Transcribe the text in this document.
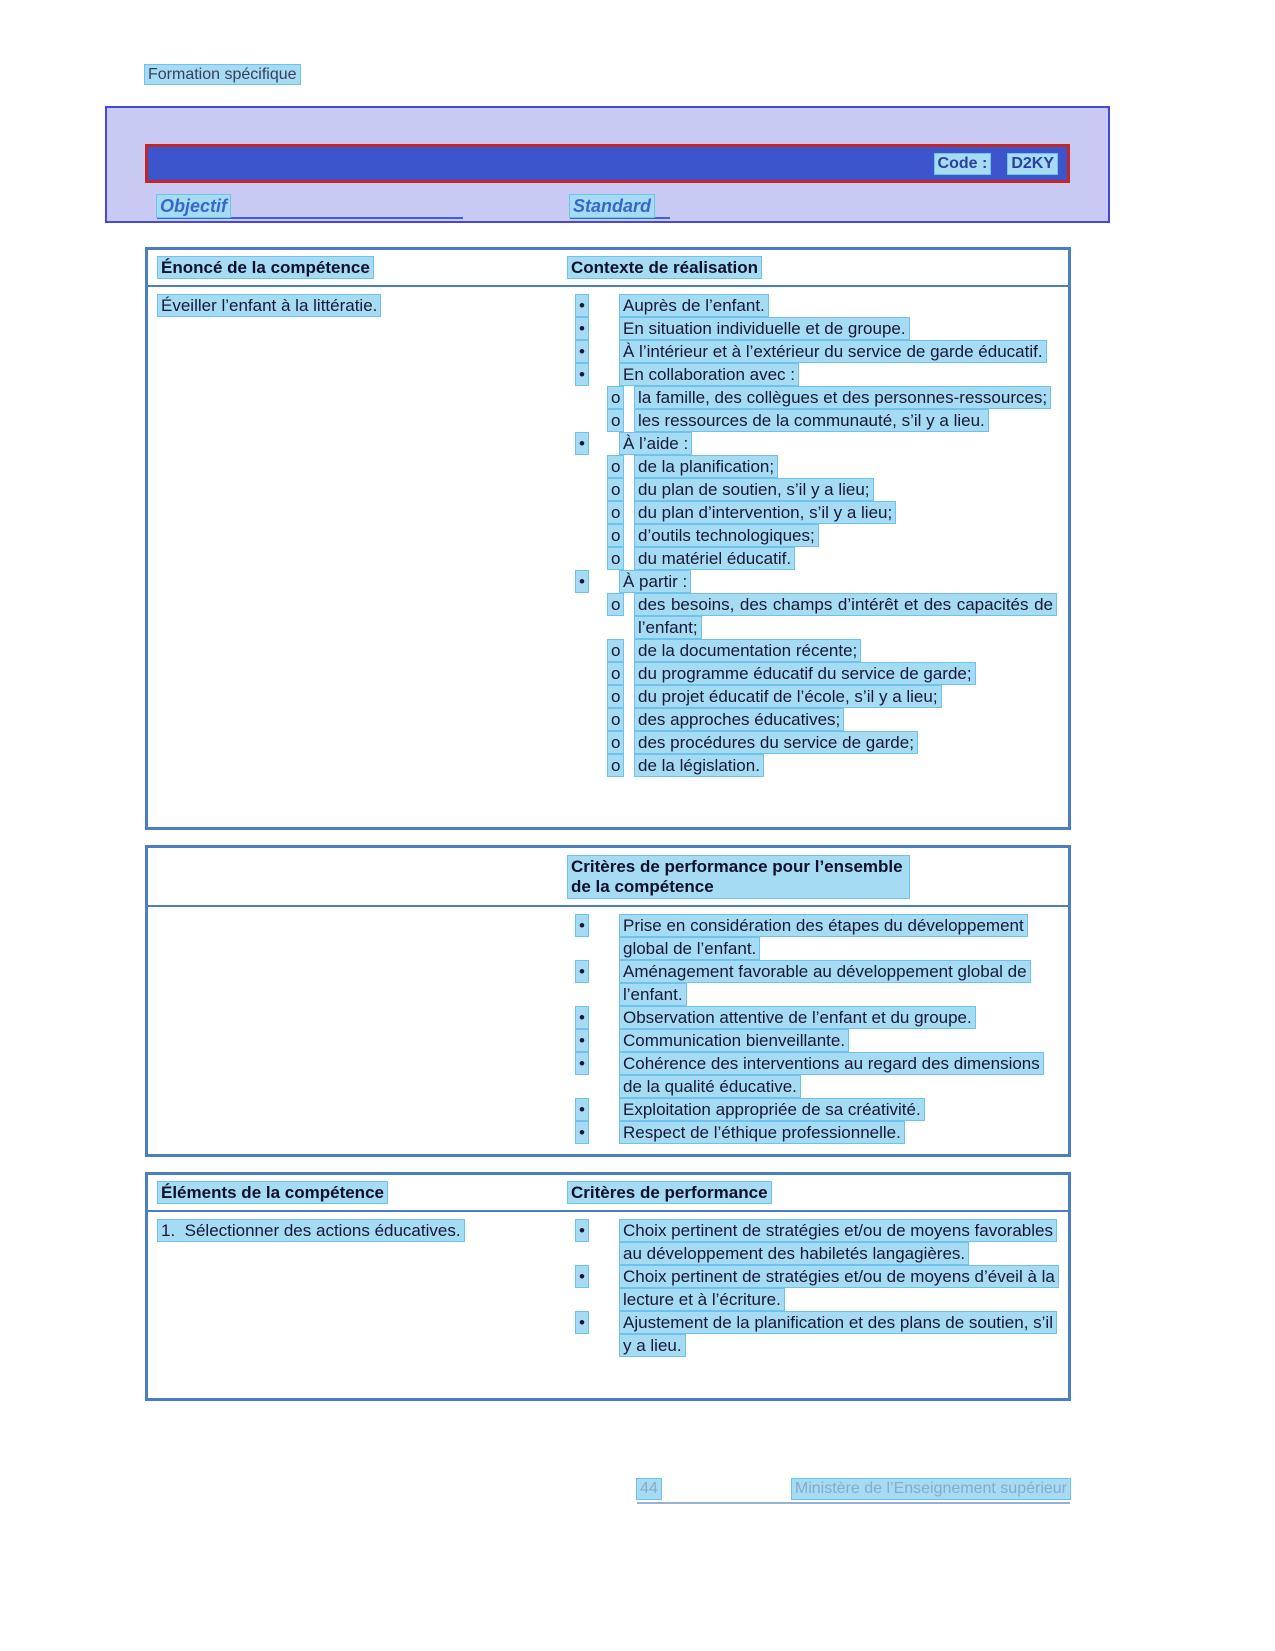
Formation spécifique
Code : D2KY
Objectif	Standard
Énoncé de la compétence	Contexte de réalisation
Éveiller l’enfant à la littératie.	•	Auprès de l’enfant.
•	En situation individuelle et de groupe.
•	À l’intérieur et à l’extérieur du service de garde éducatif.
•	En collaboration avec :
o	la famille, des collègues et des personnes-ressources;
o	les ressources de la communauté, s’il y a lieu.
•	À l’aide :
o	de la planification;
o	du plan de soutien, s’il y a lieu;
o	du plan d’intervention, s’il y a lieu;
o	d’outils technologiques;
o	du matériel éducatif.
•	À partir :
o	des besoins, des champs d’intérêt et des capacités de l’enfant;
o	de la documentation récente;
o	du programme éducatif du service de garde;
o	du projet éducatif de l’école, s’il y a lieu;
o	des approches éducatives;
o	des procédures du service de garde;
o	de la législation.
Critères de performance pour l’ensemble de la compétence
•	Prise en considération des étapes du développement global de l’enfant.
•	Aménagement favorable au développement global de l’enfant.
•	Observation attentive de l’enfant et du groupe.
•	Communication bienveillante.
•	Cohérence des interventions au regard des dimensions de la qualité éducative.
•	Exploitation appropriée de sa créativité.
•	Respect de l’éthique professionnelle.
Éléments de la compétence	Critères de performance
1.  Sélectionner des actions éducatives.	•	Choix pertinent de stratégies et/ou de moyens favorables au développement des habiletés langagières.
•	Choix pertinent de stratégies et/ou de moyens d’éveil à la lecture et à l’écriture.
•	Ajustement de la planification et des plans de soutien, s’il y a lieu.
44	Ministère de l’Enseignement supérieur
